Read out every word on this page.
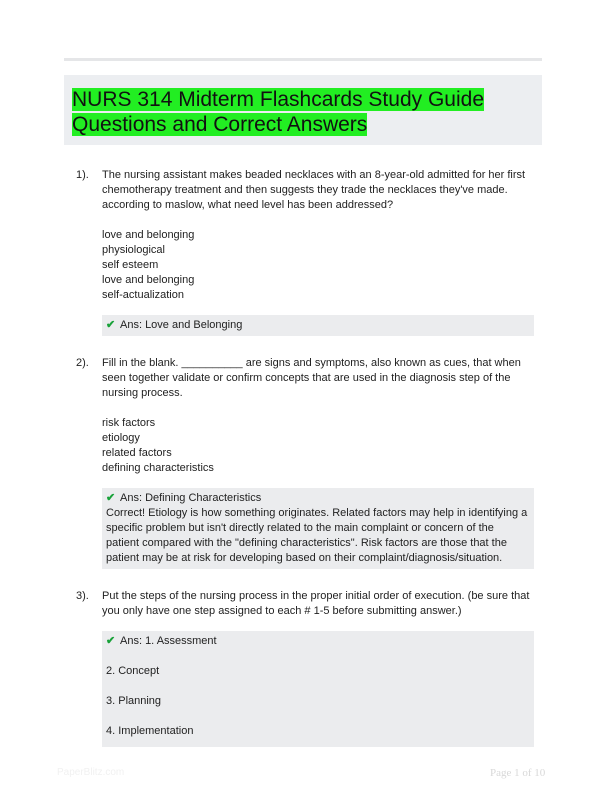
NURS 314 Midterm Flashcards Study Guide
Questions and Correct Answers
1). The nursing assistant makes beaded necklaces with an 8-year-old admitted for her first chemotherapy treatment and then suggests they trade the necklaces they've made. according to maslow, what need level has been addressed?

love and belonging
physiological
self esteem
love and belonging
self-actualization
✔ Ans: Love and Belonging
2). Fill in the blank. __________ are signs and symptoms, also known as cues, that when seen together validate or confirm concepts that are used in the diagnosis step of the nursing process.

risk factors
etiology
related factors
defining characteristics
✔ Ans: Defining Characteristics
Correct! Etiology is how something originates. Related factors may help in identifying a specific problem but isn't directly related to the main complaint or concern of the patient compared with the "defining characteristics". Risk factors are those that the patient may be at risk for developing based on their complaint/diagnosis/situation.
3). Put the steps of the nursing process in the proper initial order of execution. (be sure that you only have one step assigned to each # 1-5 before submitting answer.)

✔ Ans: 1. Assessment
2. Concept
3. Planning
4. Implementation
PaperBlitz.com	Page 1 of 10
